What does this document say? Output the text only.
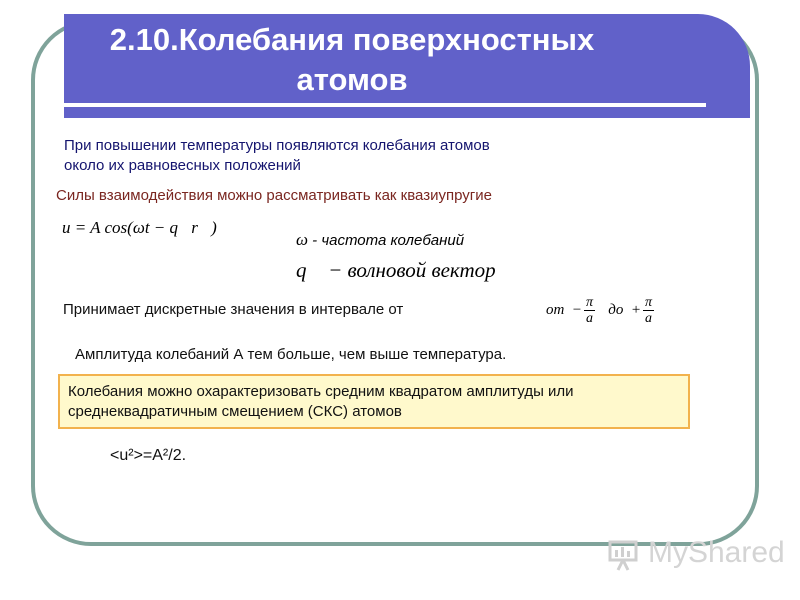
2.10.Колебания поверхностных атомов
При повышении температуры появляются колебания атомов
около их равновесных положений
Силы взаимодействия можно рассматривать как квазиупругие
u = A cos(ωt − q⃗r⃗)
ω - частота колебаний
q⃗ − волновой вектор
Принимает дискретные значения в интервале от	от − $\frac{\pi}{a}$ до + $\frac{\pi}{a}$
Амплитуда колебаний А тем больше, чем выше температура.
Колебания можно охарактеризовать средним квадратом амплитуды или среднеквадратичным смещением (СКС) атомов
<u²>=A²/2.
MyShared
